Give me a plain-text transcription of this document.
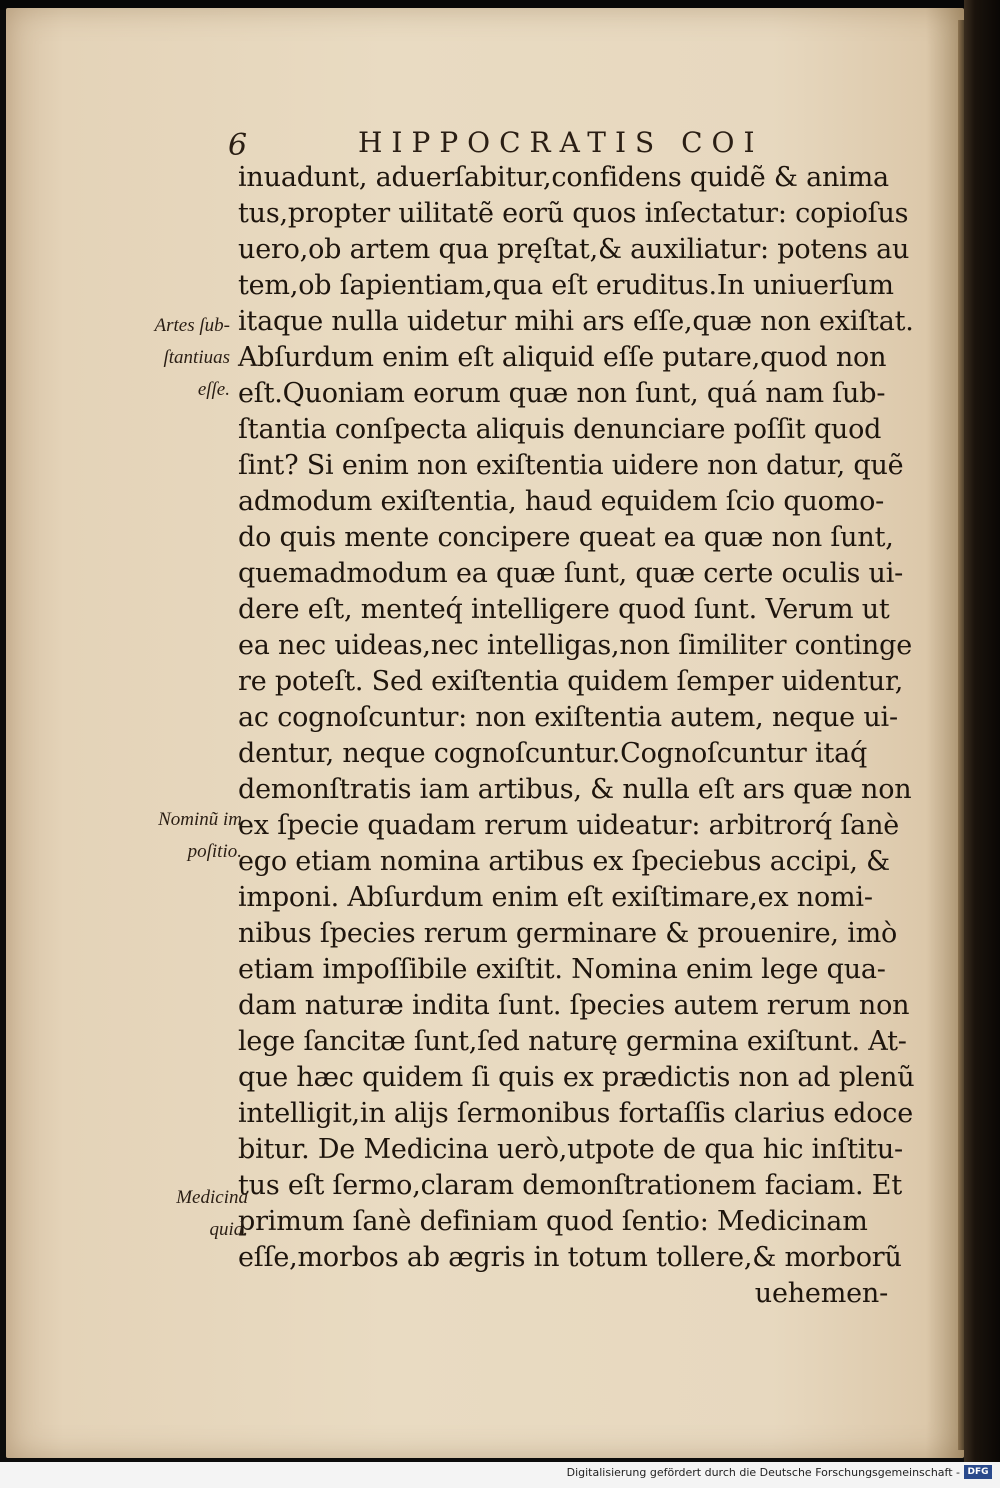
6	HIPPOCRATIS COI
inuadunt, aduerſabitur,confidens quidẽ & anima
tus,propter uilitatẽ eorũ quos inſectatur: copioſus
uero,ob artem qua pręſtat,& auxiliatur: potens au
tem,ob ſapientiam,qua eſt eruditus.In uniuerſum
itaque nulla uidetur mihi ars eſſe,quæ non exiſtat.
Abſurdum enim eſt aliquid eſſe putare,quod non
eſt.Quoniam eorum quæ non ſunt, quá nam ſub-
ſtantia conſpecta aliquis denunciare poſſit quod
ſint? Si enim non exiſtentia uidere non datur, quẽ
admodum exiſtentia, haud equidem ſcio quomo-
do quis mente concipere queat ea quæ non ſunt,
quemadmodum ea quæ ſunt, quæ certe oculis ui-
dere eſt, menteq́ intelligere quod ſunt. Verum ut
ea nec uideas,nec intelligas,non ſimiliter continge
re poteſt. Sed exiſtentia quidem ſemper uidentur,
ac cognoſcuntur: non exiſtentia autem, neque ui-
dentur, neque cognoſcuntur.Cognoſcuntur itaq́
demonſtratis iam artibus, & nulla eſt ars quæ non
ex ſpecie quadam rerum uideatur: arbitrorq́ ſanè
ego etiam nomina artibus ex ſpeciebus accipi, &
imponi. Abſurdum enim eſt exiſtimare,ex nomi-
nibus ſpecies rerum germinare & prouenire, imò
etiam impoſſibile exiſtit. Nomina enim lege qua-
dam naturæ indita ſunt. ſpecies autem rerum non
lege ſancitæ ſunt,ſed naturę germina exiſtunt. At-
que hæc quidem ſi quis ex prædictis non ad plenũ
intelligit,in alijs ſermonibus fortaſſis clarius edoce
bitur. De Medicina uerò,utpote de qua hic inſtitu-
tus eſt ſermo,claram demonſtrationem faciam. Et
primum ſanè definiam quod ſentio: Medicinam
eſſe,morbos ab ægris in totum tollere,& morborũ
uehemen-
Artes ſub-
ſtantiuas
eſſe.
Nominũ im
poſitio.
Medicina
quid.
Digitalisierung gefördert durch die Deutsche Forschungsgemeinschaft - DFG
